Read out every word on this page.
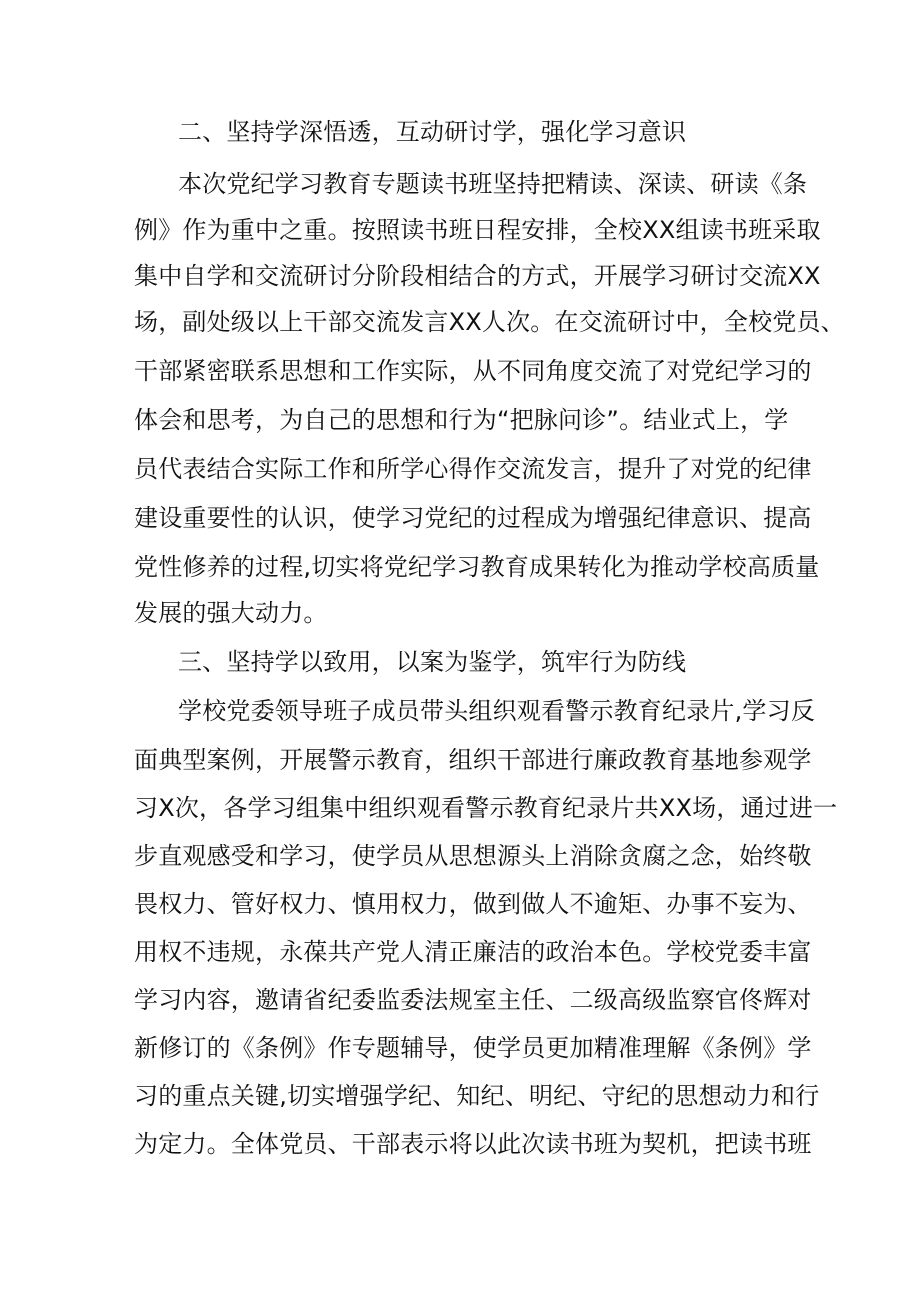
二、坚持学深悟透，互动研讨学，强化学习意识
本次党纪学习教育专题读书班坚持把精读、深读、研读《条
例》作为重中之重。按照读书班日程安排，全校XX组读书班采取
集中自学和交流研讨分阶段相结合的方式，开展学习研讨交流XX
场，副处级以上干部交流发言XX人次。在交流研讨中，全校党员、
干部紧密联系思想和工作实际，从不同角度交流了对党纪学习的
体会和思考，为自己的思想和行为“把脉问诊”。结业式上，学
员代表结合实际工作和所学心得作交流发言，提升了对党的纪律
建设重要性的认识，使学习党纪的过程成为增强纪律意识、提高
党性修养的过程,切实将党纪学习教育成果转化为推动学校高质量
发展的强大动力。
三、坚持学以致用，以案为鉴学，筑牢行为防线
学校党委领导班子成员带头组织观看警示教育纪录片,学习反
面典型案例，开展警示教育，组织干部进行廉政教育基地参观学
习X次，各学习组集中组织观看警示教育纪录片共XX场，通过进一
步直观感受和学习，使学员从思想源头上消除贪腐之念，始终敬
畏权力、管好权力、慎用权力，做到做人不逾矩、办事不妄为、
用权不违规，永葆共产党人清正廉洁的政治本色。学校党委丰富
学习内容，邀请省纪委监委法规室主任、二级高级监察官佟辉对
新修订的《条例》作专题辅导，使学员更加精准理解《条例》学
习的重点关键,切实增强学纪、知纪、明纪、守纪的思想动力和行
为定力。全体党员、干部表示将以此次读书班为契机，把读书班
